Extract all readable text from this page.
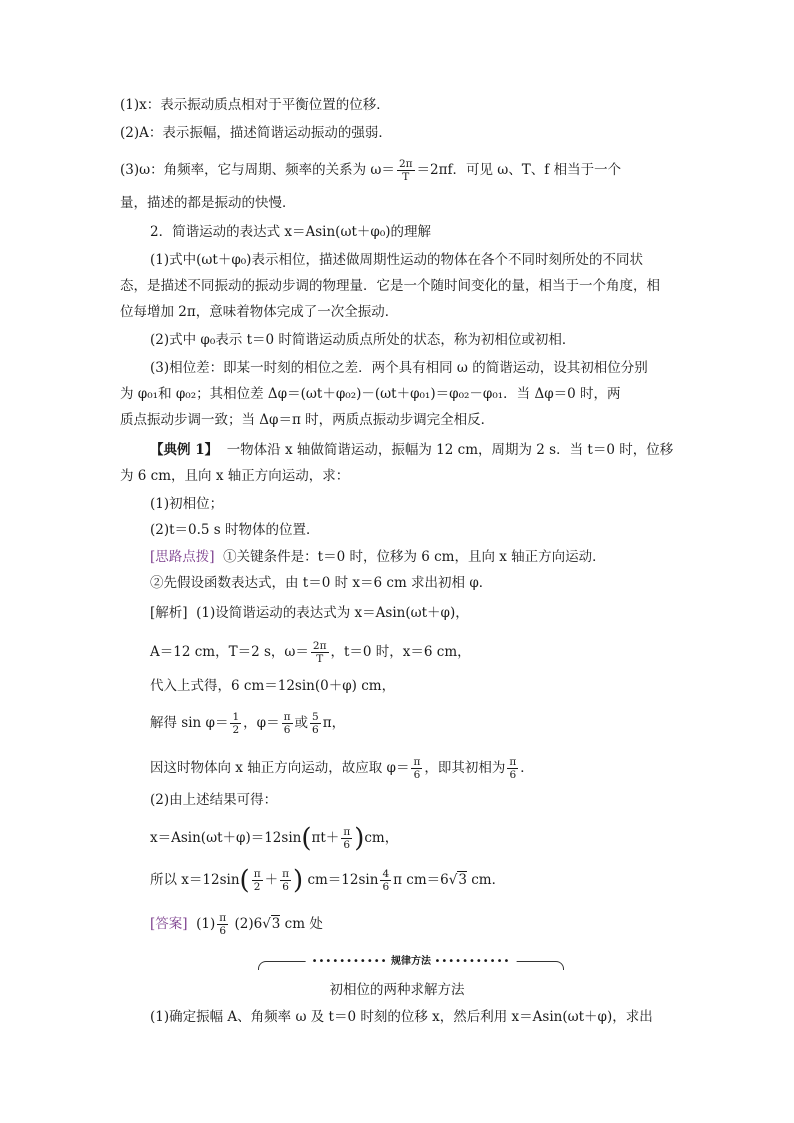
(1)x：表示振动质点相对于平衡位置的位移．
(2)A：表示振幅，描述简谐运动振动的强弱．
(3)ω：角频率，它与周期、频率的关系为 $\omega= \frac{2\pi}{T} =2\pi f$．可见 ω、T、f 相当于一个
量，描述的都是振动的快慢．
2．简谐运动的表达式 x＝Asin(ωt＋φ₀)的理解
(1)式中(ωt＋φ₀)表示相位，描述做周期性运动的物体在各个不同时刻所处的不同状
态，是描述不同振动的振动步调的物理量．它是一个随时间变化的量，相当于一个角度，相
位每增加 2π，意味着物体完成了一次全振动．
(2)式中 φ₀表示 t＝0 时简谐运动质点所处的状态，称为初相位或初相．
(3)相位差：即某一时刻的相位之差．两个具有相同 ω 的简谐运动，设其初相位分别
为 φ₀₁和 φ₀₂；其相位差 Δφ＝(ωt＋φ₀₂)－(ωt＋φ₀₁)＝φ₀₂－φ₀₁．当 Δφ＝0 时，两
质点振动步调一致；当 Δφ＝π 时，两质点振动步调完全相反．
【典例 1】 一物体沿 x 轴做简谐运动，振幅为 12 cm，周期为 2 s．当 t＝0 时，位移
为 6 cm，且向 x 轴正方向运动，求：
(1)初相位；
(2)t＝0.5 s 时物体的位置．
[思路点拨] ①关键条件是：t＝0 时，位移为 6 cm，且向 x 轴正方向运动．
②先假设函数表达式，由 t＝0 时 x＝6 cm 求出初相 φ．
[解析] (1)设简谐运动的表达式为 x＝Asin(ωt＋φ)，
A＝12 cm，T＝2 s，$\omega= \frac{2\pi}{T}$ ，t＝0 时，x＝6 cm，
代入上式得，6 cm＝12sin(0＋φ) cm，
解得 $\sin \varphi= \frac{1}{2}$ ，$\varphi= \frac{\pi}{6}$ 或 $\frac{5}{6}$ π，
因这时物体向 x 轴正方向运动，故应取 $\varphi= \frac{\pi}{6}$ ，即其初相为 $\frac{\pi}{6}$ ．
(2)由上述结果可得：
$x=Asin(\omega t+\varphi)=12\sin(\pi t+ \frac{\pi}{6} )cm$，
所以 $x=12\sin( \frac{\pi}{2} + \frac{\pi}{6}$ ) $cm=12\sin \frac{4}{6}$ π cm＝6√3 cm．
[答案] $(1) \frac{\pi}{6} (2)6√3$ cm 处
••••••••••• 规律方法 •••••••••••
初相位的两种求解方法
(1)确定振幅 A、角频率 ω 及 t＝0 时刻的位移 x，然后利用 x＝Asin(ωt＋φ)，求出
